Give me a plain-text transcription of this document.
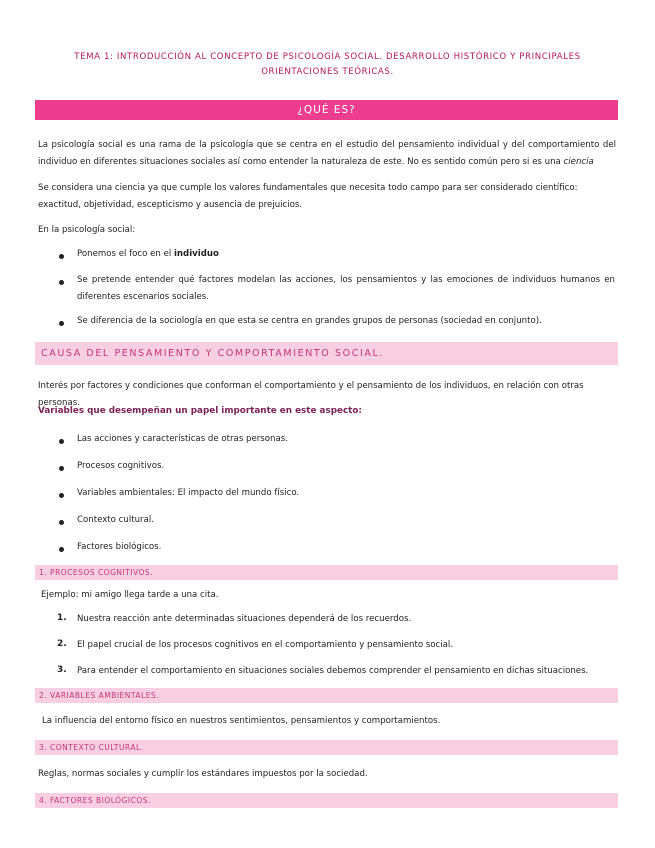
TEMA 1: INTRODUCCIÓN AL CONCEPTO DE PSICOLOGÍA SOCIAL. DESARROLLO HISTÓRICO Y PRINCIPALES ORIENTACIONES TEÓRICAS.
¿QUÉ ES?
La psicología social es una rama de la psicología que se centra en el estudio del pensamiento individual y del comportamiento del individuo en diferentes situaciones sociales así como entender la naturaleza de este. No es sentido común pero si es una ciencia
Se considera una ciencia ya que cumple los valores fundamentales que necesita todo campo para ser considerado científico: exactitud, objetividad, escepticismo y ausencia de prejuicios.
En la psicología social:
Ponemos el foco en el individuo
Se pretende entender qué factores modelan las acciones, los pensamientos y las emociones de individuos humanos en diferentes escenarios sociales.
Se diferencia de la sociología en que esta se centra en grandes grupos de personas (sociedad en conjunto).
CAUSA DEL PENSAMIENTO Y COMPORTAMIENTO SOCIAL.
Interés por factores y condiciones que conforman el comportamiento y el pensamiento de los individuos, en relación con otras personas.
Variables que desempeñan un papel importante en este aspecto:
Las acciones y características de otras personas.
Procesos cognitivos.
Variables ambientales: El impacto del mundo físico.
Contexto cultural.
Factores biológicos.
1. PROCESOS COGNITIVOS.
Ejemplo: mi amigo llega tarde a una cita.
1. Nuestra reacción ante determinadas situaciones dependerá de los recuerdos.
2. El papel crucial de los procesos cognitivos en el comportamiento y pensamiento social.
3. Para entender el comportamiento en situaciones sociales debemos comprender el pensamiento en dichas situaciones.
2. VARIABLES AMBIENTALES.
La influencia del entorno físico en nuestros sentimientos, pensamientos y comportamientos.
3. CONTEXTO CULTURAL.
Reglas, normas sociales y cumplir los estándares impuestos por la sociedad.
4. FACTORES BIOLÓGICOS.
